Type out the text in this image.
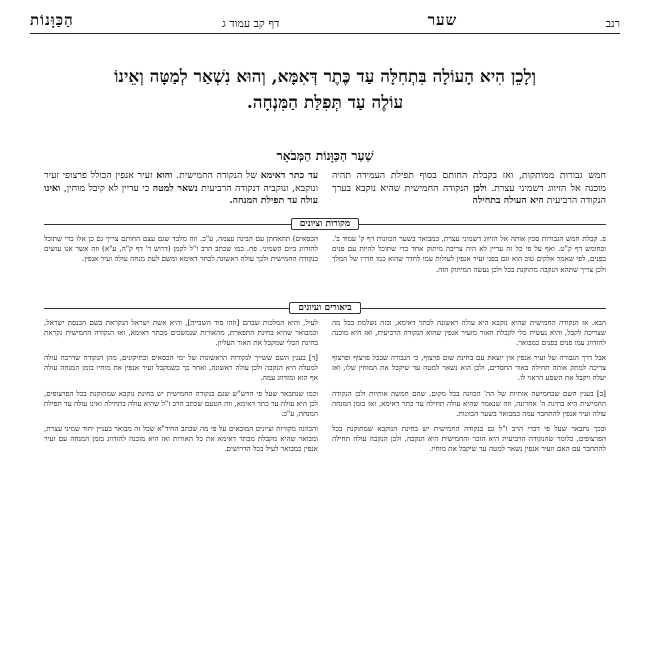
רנב
שער
דף קב עמוד ג
הַכַּוָּנוֹת
וְלָכֵן הִיא הָעוֹלָה בִּתְחִלָּה עַד כֶּתֶר דְּאִמָּא, וְהוּא נִשְׁאַר לְמַטָּה וְאֵינוֹ
עוֹלֶה עַד תְּפִלַּת הַמִּנְחָה.
שַׁעַר הַכַּוָּנוֹת הַמְּבֹאָר
חמש גבורות ממותקות, ואז בקבלת החותם בסוף תפילת העמידה תהיה מוכנה אל הזיווג דשמיני עצרת. ולכן הנקודה החמישית שהיא נוקבא בערך הנקודה הרביעית היא העולה בתחילה
עד כתר דאימא של הנקודה החמישית. והוא זעיר אנפין הכולל פרצופי זעיר ונוקבא, ונוקביה דנקודה הרביעית נשאר למטה כי עדיין לא קיבל מוחין, ואינו עולה עד תפילת המנחה.
מקורות וציונים
פ. קבלת חמש הגבורות סכין אותה אל הזיווג דשמיני עצרת, כמבואר בשער הכוונות דף ק' עמוד ב'. ובחומש דף ק"ט. ואף על פי כל זה עדיין לא היה צריכה מיתוק אחד כדי שתוכל להיות עם פנים בפנים, לפי שאמר אלקים טוב הוא וגם בפני זעיר אנפין לעולות עמו לחדר שהוא כמו חדרו של המלך ולכן צריך שתהא הנקבה מתוקנת בכל ולכן נעשה המיתוק הזה.
הכסאים) תתאחתן עם הבינה עצמה, ע"כ. וזה מלכד שגם עצם החותם צריך גם כן אלו כדי שתוכל להזדווג ביום השמיני. פח. כמו שכתב הרב ז"ל לקמן (דרוש ד' דף ק"ה, ע"א) וזה אשר אנו עושים בנקודה החמישית ולכך עולה ראשונה לכתר דאימא ומשם לעת מנחה עולה זעיר אנפין.
ביאורים ועיונים

הבא. אז הנקודה החמישית שהיא נוקבא היא עולה ראשונה לכתר דאימא, ובזה נשלמת בכל מה שצריכה לקבל, והיא נעשית כלי לקבלת האור מזעיר אנפין שהוא הנקודה הרביעית, ואז היא מוכנה להזדווג עמו פנים בפנים כמבואר.

אבל דרך הגבורה של זעיר אנפין אין יוצאת עם בחינת שום פרצוף, כי הגבורה שבכל פרצוף ופרצוף צריכה למתק אותה תחילה באור החסדים, ולכן הוא נשאר למטה עד שיקבל את המוחין שלו, ואז יעלה ויקבל את השפע הראוי לו.

[ב] בענין השם שבחמישה אותיות של הה' הכוונה בכל מקום, שהם חמשה אותיות ולכן הנקודה החמישית היא בחינת ה' אחרונה, וזה שנאמר שהיא עולה תחילה עד כתר דאימא, ואז בזמן המנחה עולה זעיר אנפין להתחבר עמה כמבואר בשער הכוונות.

ובכך נתבאר שעל פי דברי הרב ז"ל גם בנקודה החמישית יש בחינת הנוקבא שמתוקנת בכל הפרצופים, כלומר שהנקודה הרביעית היא הזכר והחמישית היא הנקבה, ולכן הנקבה עולה תחילה להתחבר עם האם וזעיר אנפין נשאר למטה עד שיקבל את מוחיו.

לעיל, והיא המלכות שבהם [וזהו סוד השבייה], והיא אשת ישראל הנקראת בשם הכנסת ישראל, וכמבואר שהיא בחינת התפארת, מהאורות שנמשכים מכתר דאימא, ואז הנקודה החמישית נקראת בחינת הכלי שמקבל את האור העליון.

[ד] בענין השם ששייך לנקודות הראשונות של ימי הכסאים ובתיקונים, מהן הנקודה שדרכה עולה למעלה היא הנקבה ולכן עולה ראשונה, ואחר כך כשמקבל זעיר אנפין את מוחיו בזמן המנחה עולה אף הוא ומזדווג עמה.

וכמו שנתבאר שעל פי הרש"ש שגם בנקודה החמישית יש בחינת נוקבא שמתוקנת בכל הפרצופים, לכן היא עולה עד כתר דאימא, וזה הטעם שכתב הרב ז"ל שהיא עולה בתחילה ואינו עולה עד תפילת המנחה, ע"כ.

והכוונה מקורות וציונים המובאים על פי מה שכתב החיד"א שכל זה מבואר בעניין יחוד שמיני עצרת, ומבואר שהיא מקבלת מכתר דאימא את כל האורות ואז היא מוכנה להזדווג בזמן המנחה עם זעיר אנפין כמבואר לעיל בכל הדרושים.
